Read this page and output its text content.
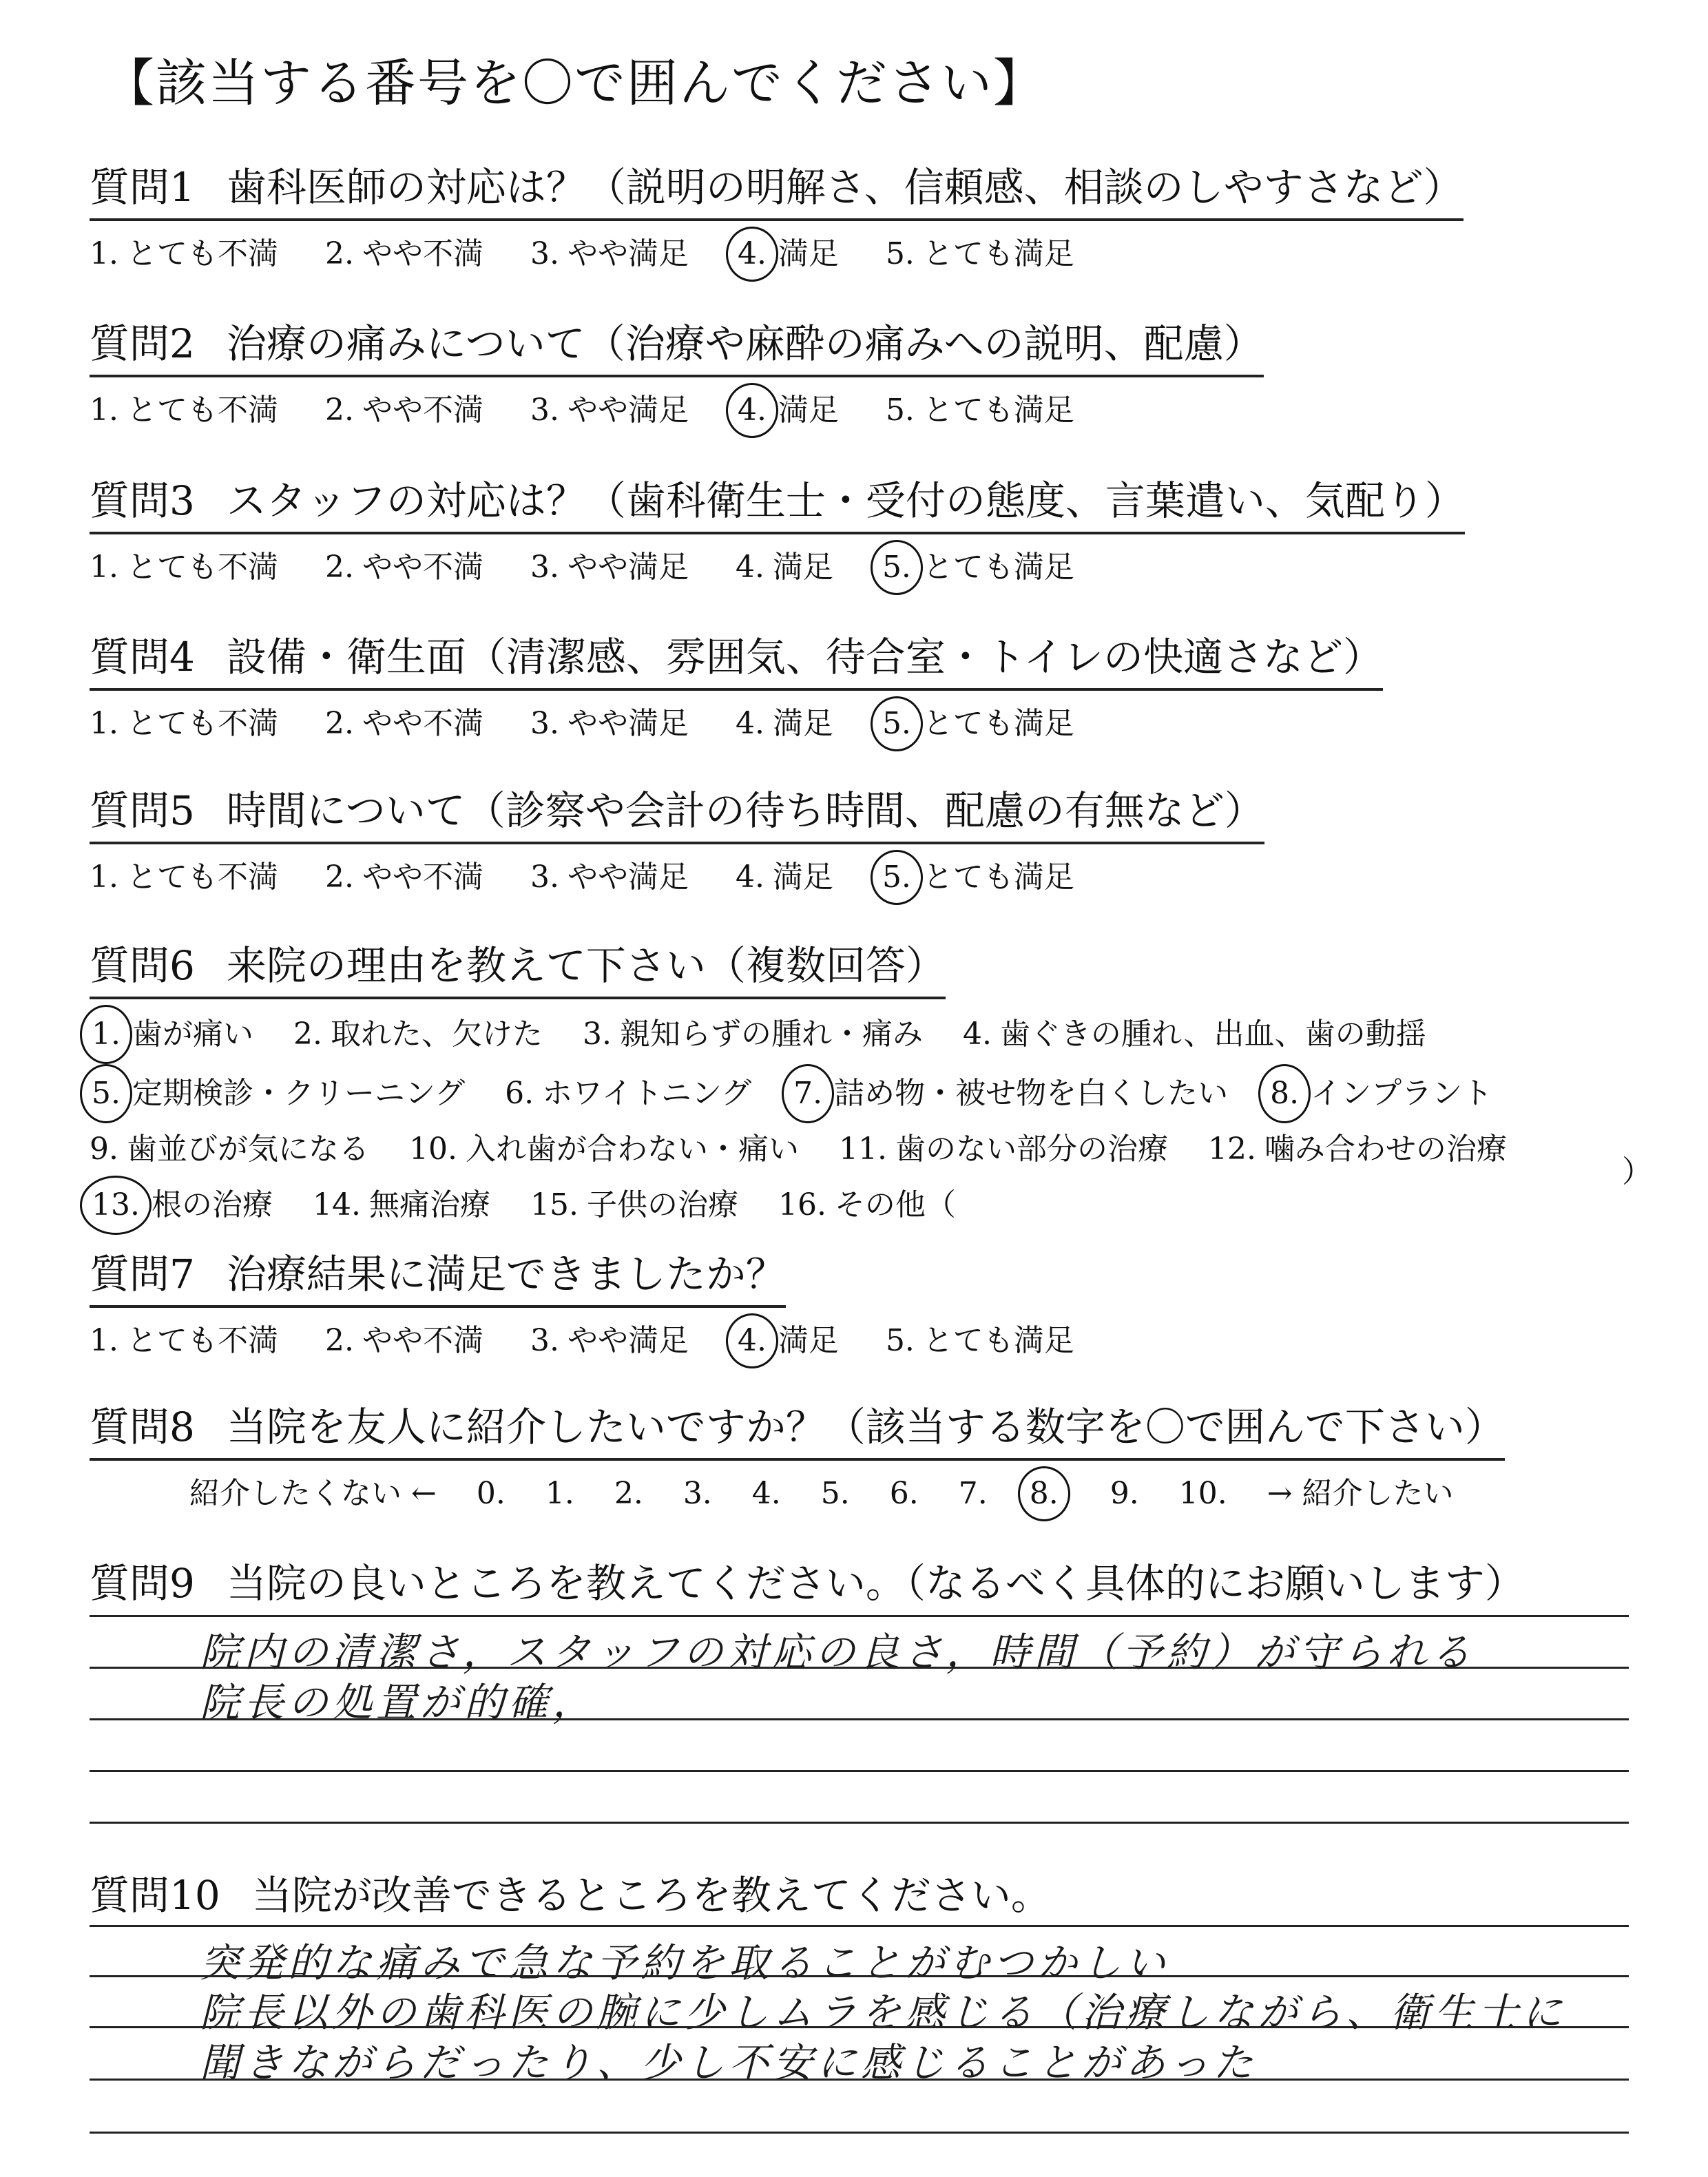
【該当する番号を〇で囲んでください】
質問1 歯科医師の対応は？（説明の明解さ、信頼感、相談のしやすさなど）
1. とても不満 2. やや不満 3. やや満足 4. 満足 5. とても満足
質問2 治療の痛みについて（治療や麻酔の痛みへの説明、配慮）
1. とても不満 2. やや不満 3. やや満足 4. 満足 5. とても満足
質問3 スタッフの対応は？（歯科衛生士・受付の態度、言葉遣い、気配り）
1. とても不満 2. やや不満 3. やや満足 4. 満足 5. とても満足
質問4 設備・衛生面（清潔感、雰囲気、待合室・トイレの快適さなど）
1. とても不満 2. やや不満 3. やや満足 4. 満足 5. とても満足
質問5 時間について（診察や会計の待ち時間、配慮の有無など）
1. とても不満 2. やや不満 3. やや満足 4. 満足 5. とても満足
質問6 来院の理由を教えて下さい（複数回答）
1. 歯が痛い 2. 取れた、欠けた 3. 親知らずの腫れ・痛み 4. 歯ぐきの腫れ、出血、歯の動揺
5. 定期検診・クリーニング 6. ホワイトニング 7. 詰め物・被せ物を白くしたい 8. インプラント
9. 歯並びが気になる 10. 入れ歯が合わない・痛い 11. 歯のない部分の治療 12. 噛み合わせの治療
13. 根の治療 14. 無痛治療 15. 子供の治療 16. その他（
）
質問7 治療結果に満足できましたか？
1. とても不満 2. やや不満 3. やや満足 4. 満足 5. とても満足
質問8 当院を友人に紹介したいですか？（該当する数字を〇で囲んで下さい）
紹介したくない ← 0. 1. 2. 3. 4. 5. 6. 7. 8. 9. 10. → 紹介したい
質問9 当院の良いところを教えてください。（なるべく具体的にお願いします）
院内の清潔さ，スタッフの対応の良さ，時間（予約）が守られる
院長の処置が的確，
質問10 当院が改善できるところを教えてください。
突発的な痛みで急な予約を取ることがむつかしい
院長以外の歯科医の腕に少しムラを感じる（治療しながら、衛生士に
聞きながらだったり、少し不安に感じることがあった
